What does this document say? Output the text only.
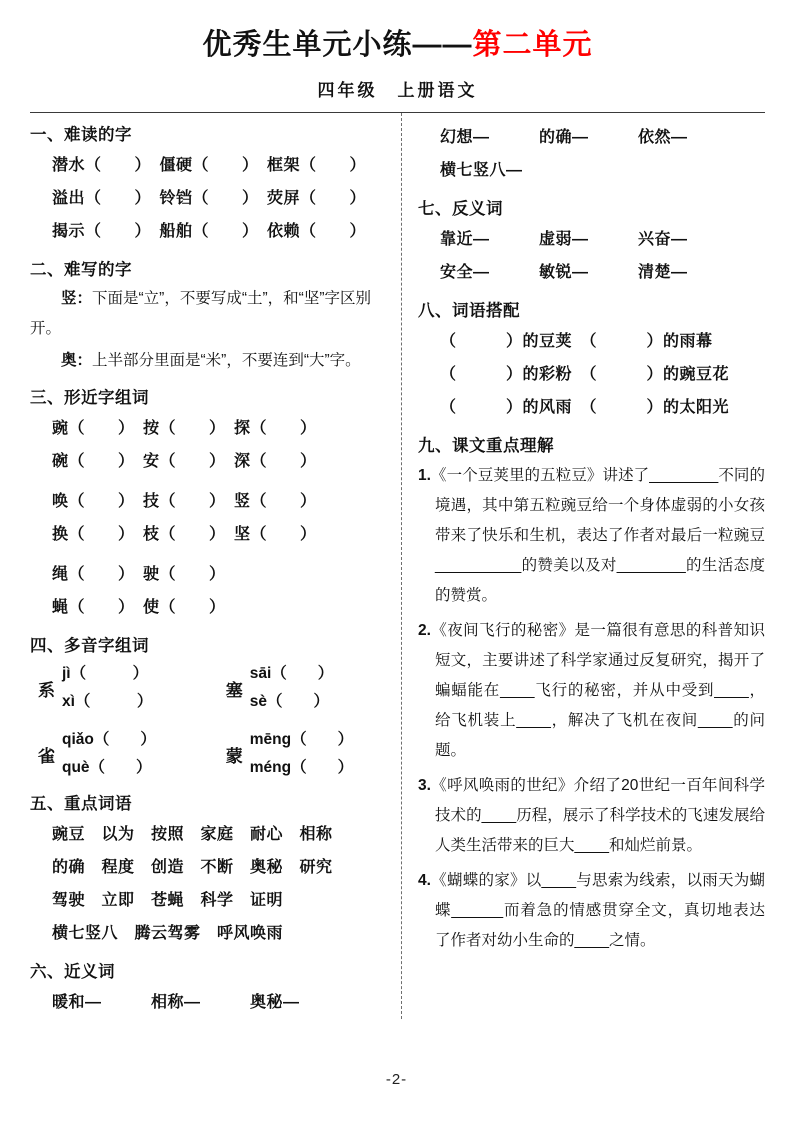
优秀生单元小练——第二单元
四年级　上册语文
一、难读的字
潜水（　　）　僵硬（　　）　框架（　　）
溢出（　　）　铃铛（　　）　荧屏（　　）
揭示（　　）　船舶（　　）　依赖（　　）
二、难写的字

竖：下面是“立”，不要写成“土”，和“坚”字区别开。

奥：上半部分里面是“米”，不要连到“大”字。

三、形近字组词
豌（　　）　按（　　）　探（　　）
碗（　　）　安（　　）　深（　　）
唤（　　）　技（　　）　竖（　　）
换（　　）　枝（　　）　坚（　　）
绳（　　）　驶（　　）
蝇（　　）　使（　　）
四、多音字组词
系
jì（　　　）
xì（　　　）
塞
sāi（　　）
sè（　　）
雀
qiǎo（　　）
què（　　）
蒙
mēng（　　）
méng（　　）
五、重点词语
豌豆　以为　按照　家庭　耐心　相称
的确　程度　创造　不断　奥秘　研究
驾驶　立即　苍蝇　科学　证明
横七竖八　腾云驾雾　呼风唤雨
六、近义词
暖和—　　　相称—　　　奥秘—
幻想—　　　的确—　　　依然—
横七竖八—
七、反义词
靠近—　　　虚弱—　　　兴奋—
安全—　　　敏锐—　　　清楚—
八、词语搭配
（　　　）的豆荚　（　　　）的雨幕
（　　　）的彩粉　（　　　）的豌豆花
（　　　）的风雨　（　　　）的太阳光
九、课文重点理解
1.《一个豆荚里的五粒豆》讲述了________不同的境遇，其中第五粒豌豆给一个身体虚弱的小女孩带来了快乐和生机，表达了作者对最后一粒豌豆__________的赞美以及对________的生活态度的赞赏。
2.《夜间飞行的秘密》是一篇很有意思的科普知识短文，主要讲述了科学家通过反复研究，揭开了蝙蝠能在____飞行的秘密，并从中受到____，给飞机装上____，解决了飞机在夜间____的问题。
3.《呼风唤雨的世纪》介绍了20世纪一百年间科学技术的____历程，展示了科学技术的飞速发展给人类生活带来的巨大____和灿烂前景。
4.《蝴蝶的家》以____与思索为线索，以雨天为蝴蝶______而着急的情感贯穿全文，真切地表达了作者对幼小生命的____之情。
-2-
